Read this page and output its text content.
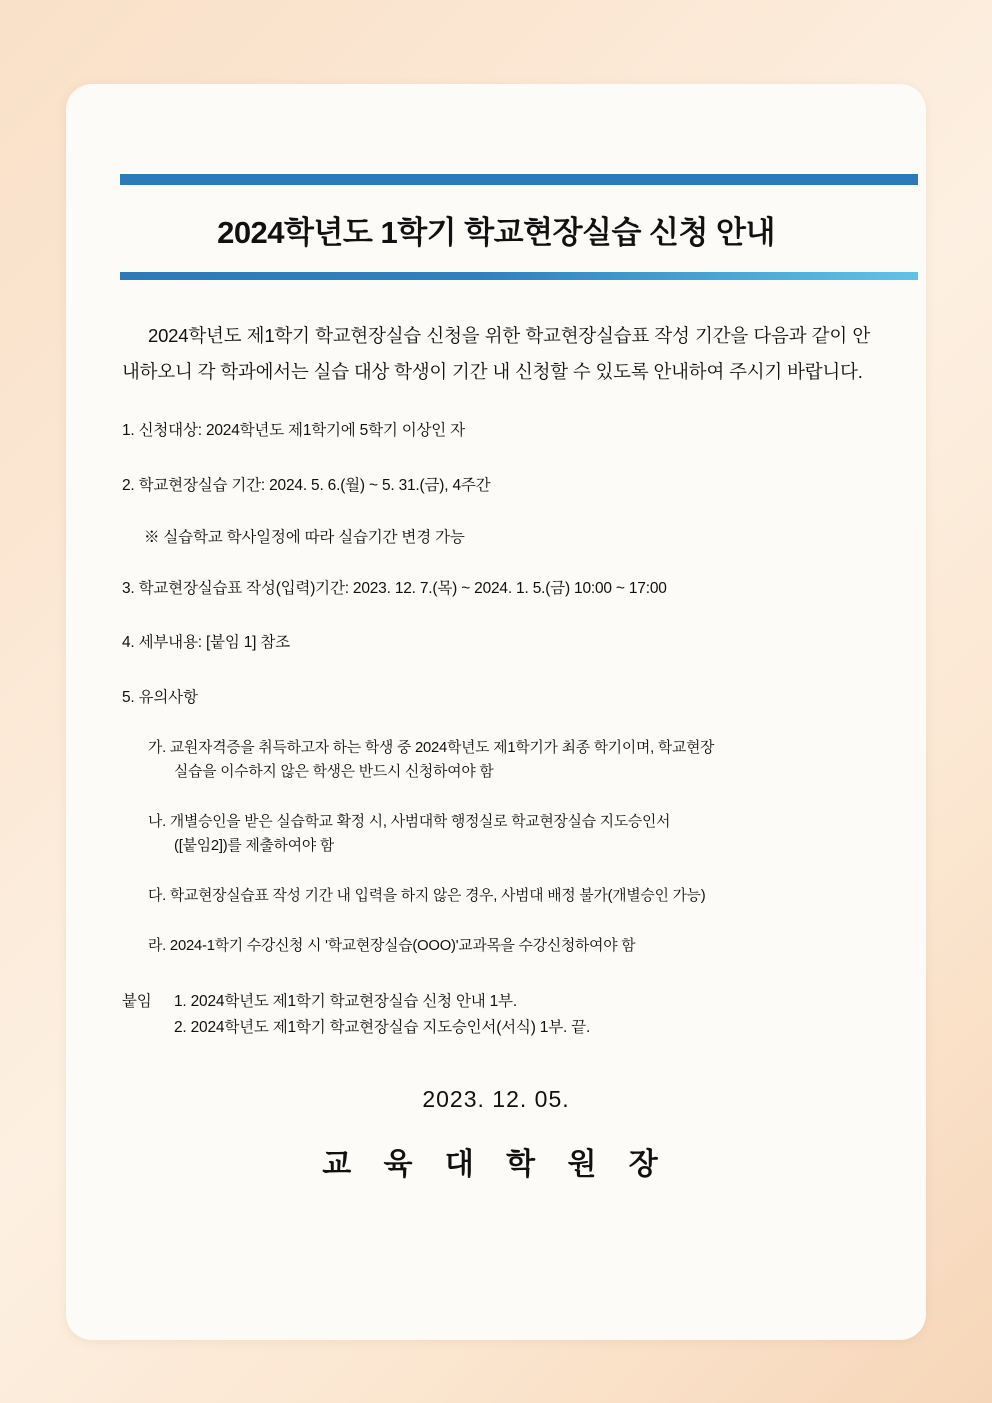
2024학년도 1학기 학교현장실습 신청 안내
2024학년도 제1학기 학교현장실습 신청을 위한 학교현장실습표 작성 기간을 다음과 같이 안내하오니 각 학과에서는 실습 대상 학생이 기간 내 신청할 수 있도록 안내하여 주시기 바랍니다.
1. 신청대상: 2024학년도 제1학기에 5학기 이상인 자
2. 학교현장실습 기간: 2024. 5. 6.(월) ~ 5. 31.(금), 4주간
※ 실습학교 학사일정에 따라 실습기간 변경 가능
3. 학교현장실습표 작성(입력)기간: 2023. 12. 7.(목) ~ 2024. 1. 5.(금) 10:00 ~ 17:00
4. 세부내용: [붙임 1] 참조
5. 유의사항
가. 교원자격증을 취득하고자 하는 학생 중 2024학년도 제1학기가 최종 학기이며, 학교현장
실습을 이수하지 않은 학생은 반드시 신청하여야 함
나. 개별승인을 받은 실습학교 확정 시, 사범대학 행정실로 학교현장실습 지도승인서
([붙임2])를 제출하여야 함
다. 학교현장실습표 작성 기간 내 입력을 하지 않은 경우, 사범대 배정 불가(개별승인 가능)
라. 2024-1학기 수강신청 시 '학교현장실습(OOO)'교과목을 수강신청하여야 함
붙임	1. 2024학년도 제1학기 학교현장실습 신청 안내 1부.
2. 2024학년도 제1학기 학교현장실습 지도승인서(서식) 1부. 끝.
2023. 12. 05.
교 육 대 학 원 장
